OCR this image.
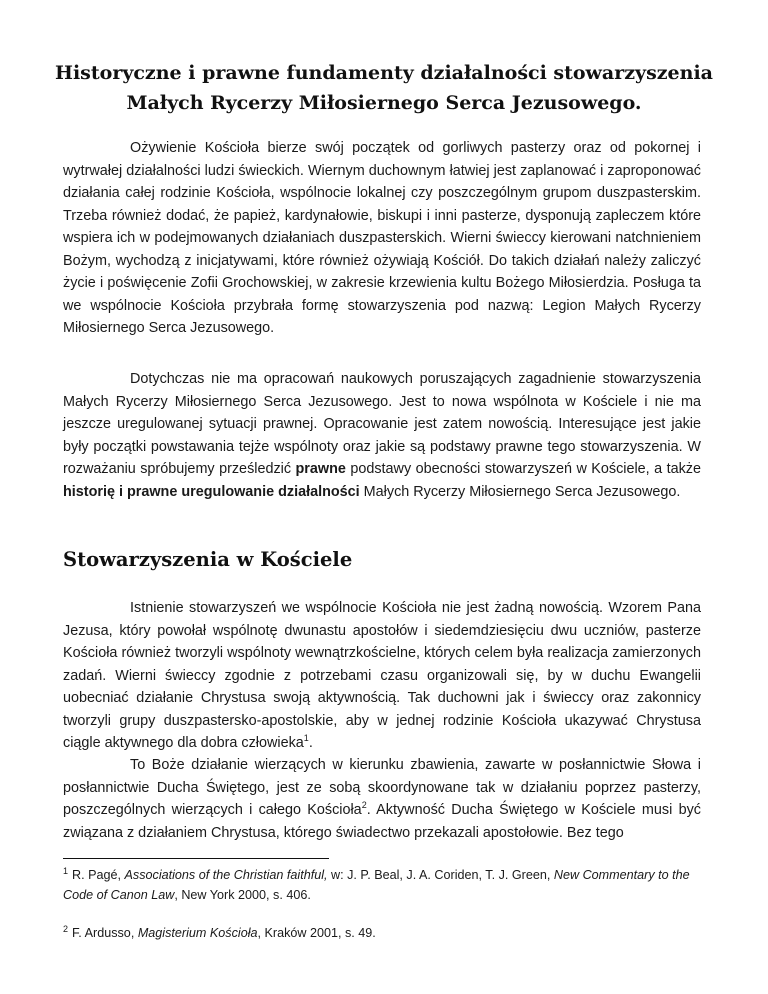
Historyczne i prawne fundamenty działalności stowarzyszenia
Małych Rycerzy Miłosiernego Serca Jezusowego.
Ożywienie Kościoła bierze swój początek od gorliwych pasterzy oraz od pokornej i wytrwałej działalności ludzi świeckich. Wiernym duchownym łatwiej jest zaplanować i zaproponować działania całej rodzinie Kościoła, wspólnocie lokalnej czy poszczególnym grupom duszpasterskim. Trzeba również dodać, że papież, kardynałowie, biskupi i inni pasterze, dysponują zapleczem które wspiera ich w podejmowanych działaniach duszpasterskich. Wierni świeccy kierowani natchnieniem Bożym, wychodzą z inicjatywami, które również ożywiają Kościół. Do takich działań należy zaliczyć życie i poświęcenie Zofii Grochowskiej, w zakresie krzewienia kultu Bożego Miłosierdzia. Posługa ta we wspólnocie Kościoła przybrała formę stowarzyszenia pod nazwą: Legion Małych Rycerzy Miłosiernego Serca Jezusowego.
Dotychczas nie ma opracowań naukowych poruszających zagadnienie stowarzyszenia Małych Rycerzy Miłosiernego Serca Jezusowego. Jest to nowa wspólnota w Kościele i nie ma jeszcze uregulowanej sytuacji prawnej. Opracowanie jest zatem nowością. Interesujące jest jakie były początki powstawania tejże wspólnoty oraz jakie są podstawy prawne tego stowarzyszenia. W rozważaniu spróbujemy prześledzić prawne podstawy obecności stowarzyszeń w Kościele, a także historię i prawne uregulowanie działalności Małych Rycerzy Miłosiernego Serca Jezusowego.
Stowarzyszenia w Kościele
Istnienie stowarzyszeń we wspólnocie Kościoła nie jest żadną nowością. Wzorem Pana Jezusa, który powołał wspólnotę dwunastu apostołów i siedemdziesięciu dwu uczniów, pasterze Kościoła również tworzyli wspólnoty wewnątrzkościelne, których celem była realizacja zamierzonych zadań. Wierni świeccy zgodnie z potrzebami czasu organizowali się, by w duchu Ewangelii uobecniać działanie Chrystusa swoją aktywnością. Tak duchowni jak i świeccy oraz zakonnicy tworzyli grupy duszpastersko-apostolskie, aby w jednej rodzinie Kościoła ukazywać Chrystusa ciągle aktywnego dla dobra człowieka$^1$.
To Boże działanie wierzących w kierunku zbawienia, zawarte w posłannictwie Słowa i posłannictwie Ducha Świętego, jest ze sobą skoordynowane tak w działaniu poprzez pasterzy, poszczególnych wierzących i całego Kościoła$^2$. Aktywność Ducha Świętego w Kościele musi być związana z działaniem Chrystusa, którego świadectwo przekazali apostołowie. Bez tego
$^1$ R. Pagé, Associations of the Christian faithful, w: J. P. Beal, J. A. Coriden, T. J. Green, New Commentary to the Code of Canon Law, New York 2000, s. 406.
$^2$ F. Ardusso, Magisterium Kościoła, Kraków 2001, s. 49.
